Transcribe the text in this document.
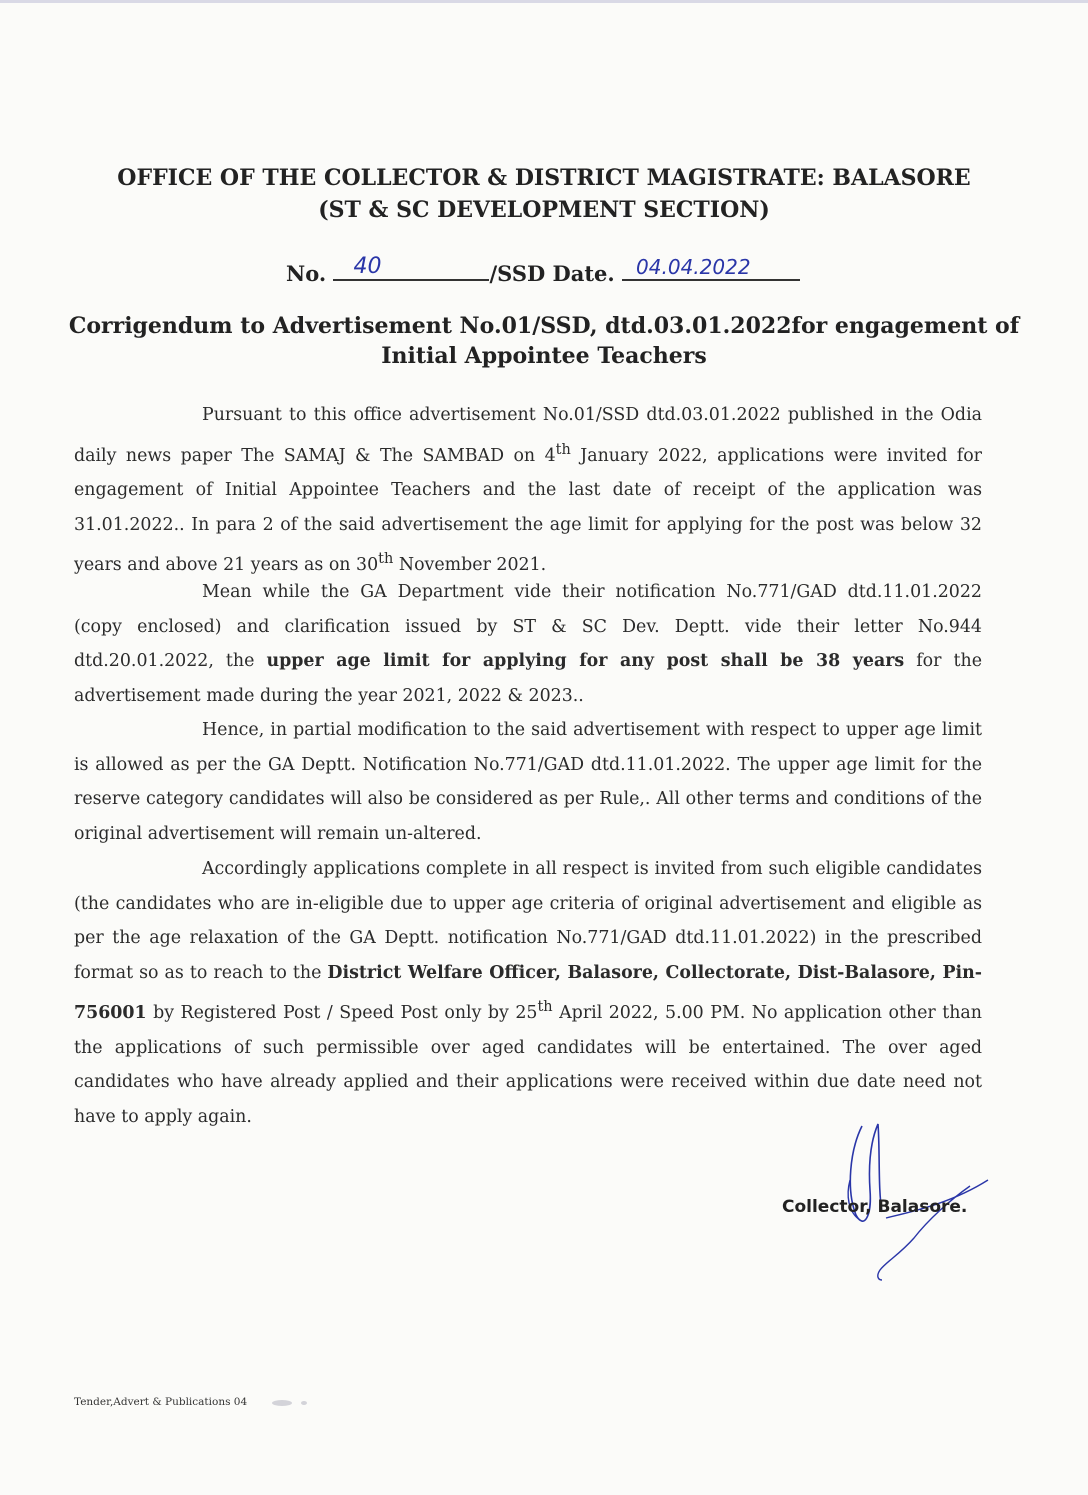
OFFICE OF THE COLLECTOR & DISTRICT MAGISTRATE: BALASORE
(ST & SC DEVELOPMENT SECTION)
No. 40	/SSD Date. 04.04.2022
Corrigendum to Advertisement No.01/SSD, dtd.03.01.2022for engagement of
Initial Appointee Teachers

Pursuant to this office advertisement No.01/SSD dtd.03.01.2022 published in the Odia daily news paper The SAMAJ & The SAMBAD on 4th January 2022, applications were invited for engagement of Initial Appointee Teachers and the last date of receipt of the application was 31.01.2022.. In para 2 of the said advertisement the age limit for applying for the post was below 32 years and above 21 years as on 30th November 2021.

Mean while the GA Department vide their notification No.771/GAD dtd.11.01.2022 (copy enclosed) and clarification issued by ST & SC Dev. Deptt. vide their letter No.944 dtd.20.01.2022, the upper age limit for applying for any post shall be 38 years for the advertisement made during the year 2021, 2022 & 2023..

Hence, in partial modification to the said advertisement with respect to upper age limit is allowed as per the GA Deptt. Notification No.771/GAD dtd.11.01.2022. The upper age limit for the reserve category candidates will also be considered as per Rule,. All other terms and conditions of the original advertisement will remain un-altered.

Accordingly applications complete in all respect is invited from such eligible candidates (the candidates who are in-eligible due to upper age criteria of original advertisement and eligible as per the age relaxation of the GA Deptt. notification No.771/GAD dtd.11.01.2022) in the prescribed format so as to reach to the District Welfare Officer, Balasore, Collectorate, Dist-Balasore, Pin-756001 by Registered Post / Speed Post only by 25th April 2022, 5.00 PM. No application other than the applications of such permissible over aged candidates will be entertained. The over aged candidates who have already applied and their applications were received within due date need not have to apply again.

Collector, Balasore.
Tender,Advert & Publications 04
